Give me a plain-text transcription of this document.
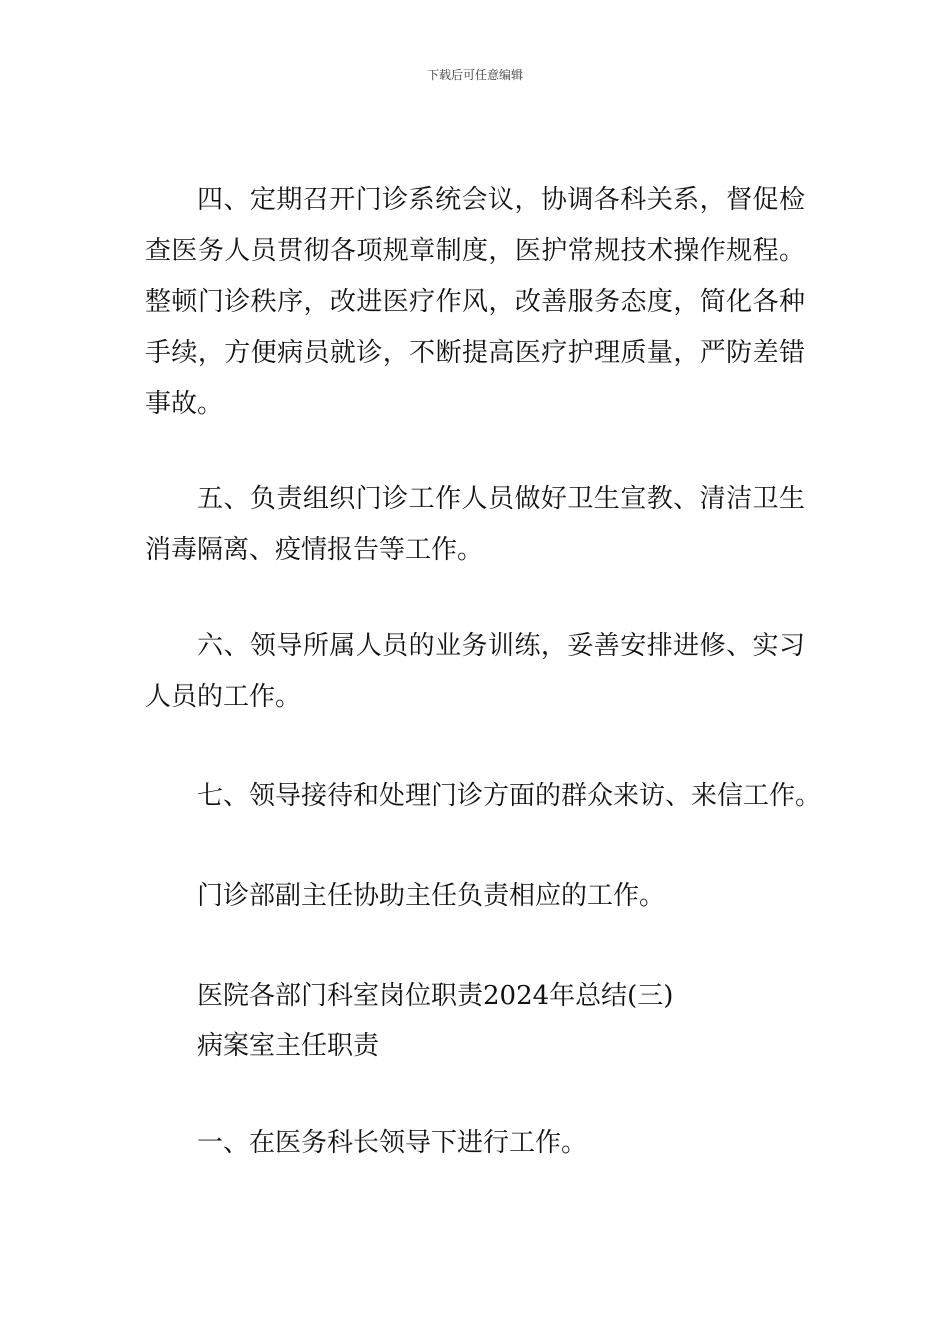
下载后可任意编辑
四、定期召开门诊系统会议，协调各科关系，督促检查医务人员贯彻各项规章制度，医护常规技术操作规程。整顿门诊秩序，改进医疗作风，改善服务态度，简化各种手续，方便病员就诊，不断提高医疗护理质量，严防差错事故。
五、负责组织门诊工作人员做好卫生宣教、清洁卫生消毒隔离、疫情报告等工作。
六、领导所属人员的业务训练，妥善安排进修、实习人员的工作。
七、领导接待和处理门诊方面的群众来访、来信工作。
门诊部副主任协助主任负责相应的工作。
医院各部门科室岗位职责2024年总结(三)
病案室主任职责
一、在医务科长领导下进行工作。
